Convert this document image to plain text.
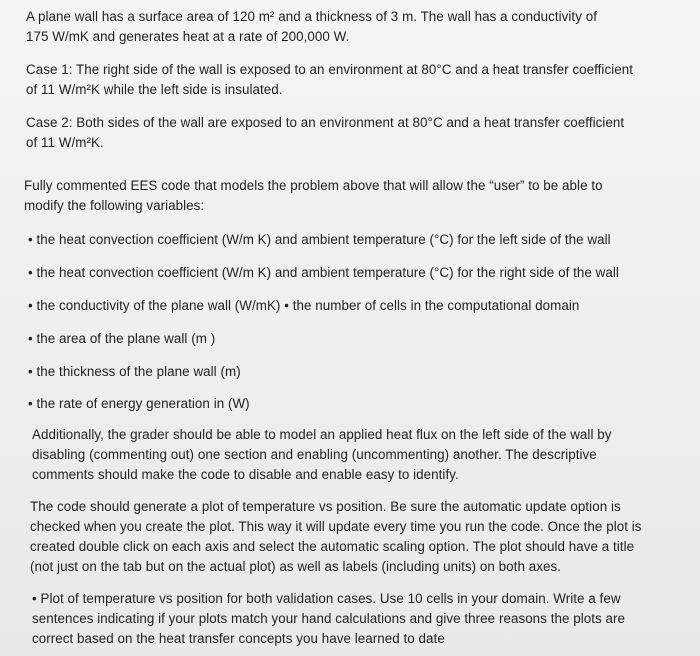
A plane wall has a surface area of 120 m² and a thickness of 3 m. The wall has a conductivity of
175 W/mK and generates heat at a rate of 200,000 W.
Case 1: The right side of the wall is exposed to an environment at 80°C and a heat transfer coefficient
of 11 W/m²K while the left side is insulated.
Case 2: Both sides of the wall are exposed to an environment at 80°C and a heat transfer coefficient
of 11 W/m²K.
Fully commented EES code that models the problem above that will allow the “user” to be able to
modify the following variables:
• the heat convection coefficient (W/m K) and ambient temperature (°C) for the left side of the wall
• the heat convection coefficient (W/m K) and ambient temperature (°C) for the right side of the wall
• the conductivity of the plane wall (W/mK) • the number of cells in the computational domain
• the area of the plane wall (m )
• the thickness of the plane wall (m)
• the rate of energy generation in (W)
Additionally, the grader should be able to model an applied heat flux on the left side of the wall by
disabling (commenting out) one section and enabling (uncommenting) another. The descriptive
comments should make the code to disable and enable easy to identify.
The code should generate a plot of temperature vs position. Be sure the automatic update option is
checked when you create the plot. This way it will update every time you run the code. Once the plot is
created double click on each axis and select the automatic scaling option. The plot should have a title
(not just on the tab but on the actual plot) as well as labels (including units) on both axes.
• Plot of temperature vs position for both validation cases. Use 10 cells in your domain. Write a few
sentences indicating if your plots match your hand calculations and give three reasons the plots are
correct based on the heat transfer concepts you have learned to date
